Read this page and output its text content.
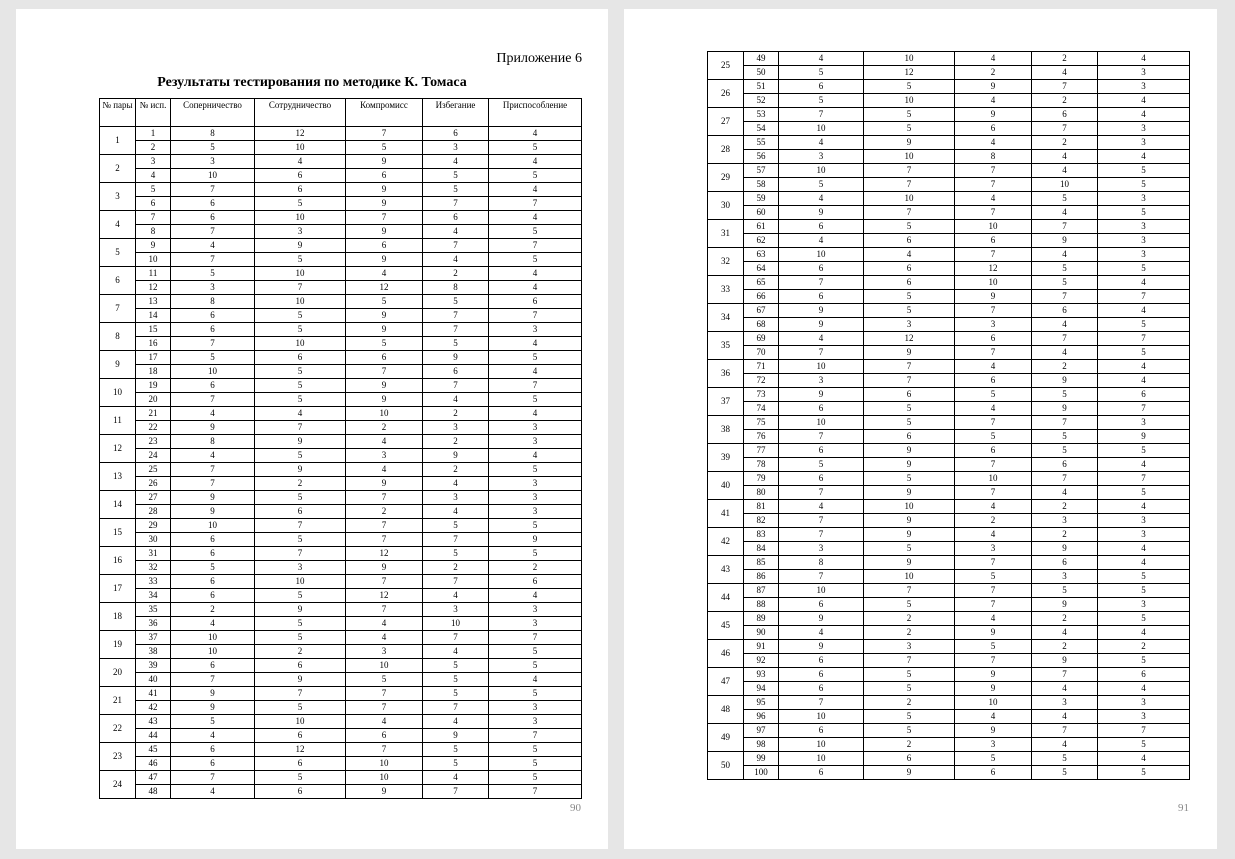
Приложение 6
Результаты тестирования по методике К. Томаса
№ пары	№ исп.	Соперничество	Сотрудничество	Компромисс	Избегание	Приспособление
1	1	8	12	7	6	4
	2	5	10	5	3	5
2	3	3	4	9	4	4
	4	10	6	6	5	5
3	5	7	6	9	5	4
	6	6	5	9	7	7
4	7	6	10	7	6	4
	8	7	3	9	4	5
5	9	4	9	6	7	7
	10	7	5	9	4	5
6	11	5	10	4	2	4
	12	3	7	12	8	4
7	13	8	10	5	5	6
	14	6	5	9	7	7
8	15	6	5	9	7	3
	16	7	10	5	5	4
9	17	5	6	6	9	5
	18	10	5	7	6	4
10	19	6	5	9	7	7
	20	7	5	9	4	5
11	21	4	4	10	2	4
	22	9	7	2	3	3
12	23	8	9	4	2	3
	24	4	5	3	9	4
13	25	7	9	4	2	5
	26	7	2	9	4	3
14	27	9	5	7	3	3
	28	9	6	2	4	3
15	29	10	7	7	5	5
	30	6	5	7	7	9
16	31	6	7	12	5	5
	32	5	3	9	2	2
17	33	6	10	7	7	6
	34	6	5	12	4	4
18	35	2	9	7	3	3
	36	4	5	4	10	3
19	37	10	5	4	7	7
	38	10	2	3	4	5
20	39	6	6	10	5	5
	40	7	9	5	5	4
21	41	9	7	7	5	5
	42	9	5	7	7	3
22	43	5	10	4	4	3
	44	4	6	6	9	7
23	45	6	12	7	5	5
	46	6	6	10	5	5
24	47	7	5	10	4	5
	48	4	6	9	7	7
90
25	49	4	10	4	2	4
	50	5	12	2	4	3
26	51	6	5	9	7	3
	52	5	10	4	2	4
27	53	7	5	9	6	4
	54	10	5	6	7	3
28	55	4	9	4	2	3
	56	3	10	8	4	4
29	57	10	7	7	4	5
	58	5	7	7	10	5
30	59	4	10	4	5	3
	60	9	7	7	4	5
31	61	6	5	10	7	3
	62	4	6	6	9	3
32	63	10	4	7	4	3
	64	6	6	12	5	5
33	65	7	6	10	5	4
	66	6	5	9	7	7
34	67	9	5	7	6	4
	68	9	3	3	4	5
35	69	4	12	6	7	7
	70	7	9	7	4	5
36	71	10	7	4	2	4
	72	3	7	6	9	4
37	73	9	6	5	5	6
	74	6	5	4	9	7
38	75	10	5	7	7	3
	76	7	6	5	5	9
39	77	6	9	6	5	5
	78	5	9	7	6	4
40	79	6	5	10	7	7
	80	7	9	7	4	5
41	81	4	10	4	2	4
	82	7	9	2	3	3
42	83	7	9	4	2	3
	84	3	5	3	9	4
43	85	8	9	7	6	4
	86	7	10	5	3	5
44	87	10	7	7	5	5
	88	6	5	7	9	3
45	89	9	2	4	2	5
	90	4	2	9	4	4
46	91	9	3	5	2	2
	92	6	7	7	9	5
47	93	6	5	9	7	6
	94	6	5	9	4	4
48	95	7	2	10	3	3
	96	10	5	4	4	3
49	97	6	5	9	7	7
	98	10	2	3	4	5
50	99	10	6	5	5	4
	100	6	9	6	5	5
91
